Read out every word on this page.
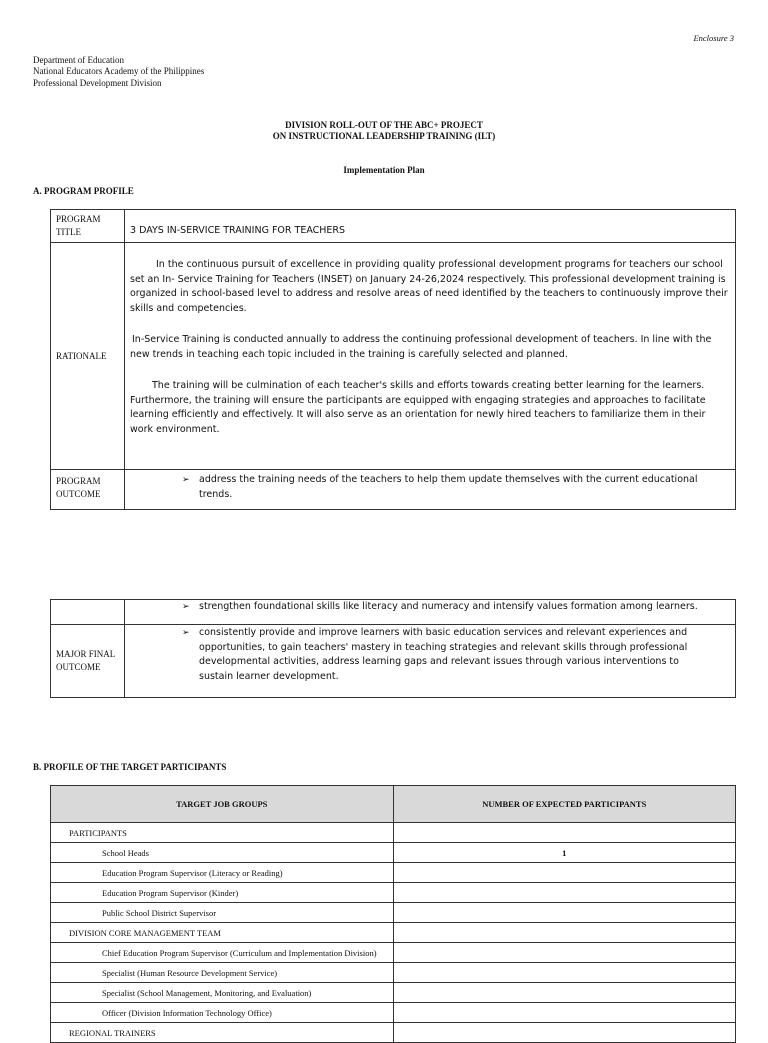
Enclosure 3
Department of Education
National Educators Academy of the Philippines
Professional Development Division
DIVISION ROLL-OUT OF THE ABC+ PROJECT
ON INSTRUCTIONAL LEADERSHIP TRAINING (ILT)
Implementation Plan
A. PROGRAM PROFILE
PROGRAM TITLE	3 DAYS IN-SERVICE TRAINING FOR TEACHERS
RATIONALE	In the continuous pursuit of excellence in providing quality professional development programs for teachers our school set an In- Service Training for Teachers (INSET) on January 24-26,2024 respectively. This professional development training is organized in school-based level to address and resolve areas of need identified by the teachers to continuously improve their skills and competencies.

In-Service Training is conducted annually to address the continuing professional development of teachers. In line with the new trends in teaching each topic included in the training is carefully selected and planned.

The training will be culmination of each teacher's skills and efforts towards creating better learning for the learners. Furthermore, the training will ensure the participants are equipped with engaging strategies and approaches to facilitate learning efficiently and effectively. It will also serve as an orientation for newly hired teachers to familiarize them in their work environment.

PROGRAM OUTCOME	➢ address the training needs of the teachers to help them update themselves with the current educational trends.

	➢ strengthen foundational skills like literacy and numeracy and intensify values formation among learners.

MAJOR FINAL OUTCOME	➢ consistently provide and improve learners with basic education services and relevant experiences and opportunities, to gain teachers' mastery in teaching strategies and relevant skills through professional developmental activities, address learning gaps and relevant issues through various interventions to sustain learner development.
B. PROFILE OF THE TARGET PARTICIPANTS
TARGET JOB GROUPS	NUMBER OF EXPECTED PARTICIPANTS
PARTICIPANTS	
School Heads	1
Education Program Supervisor (Literacy or Reading)	
Education Program Supervisor (Kinder)	
Public School District Supervisor	
DIVISION CORE MANAGEMENT TEAM	
Chief Education Program Supervisor (Curriculum and Implementation Division)	
Specialist (Human Resource Development Service)	
Specialist (School Management, Monitoring, and Evaluation)	
Officer (Division Information Technology Office)	
REGIONAL TRAINERS	
